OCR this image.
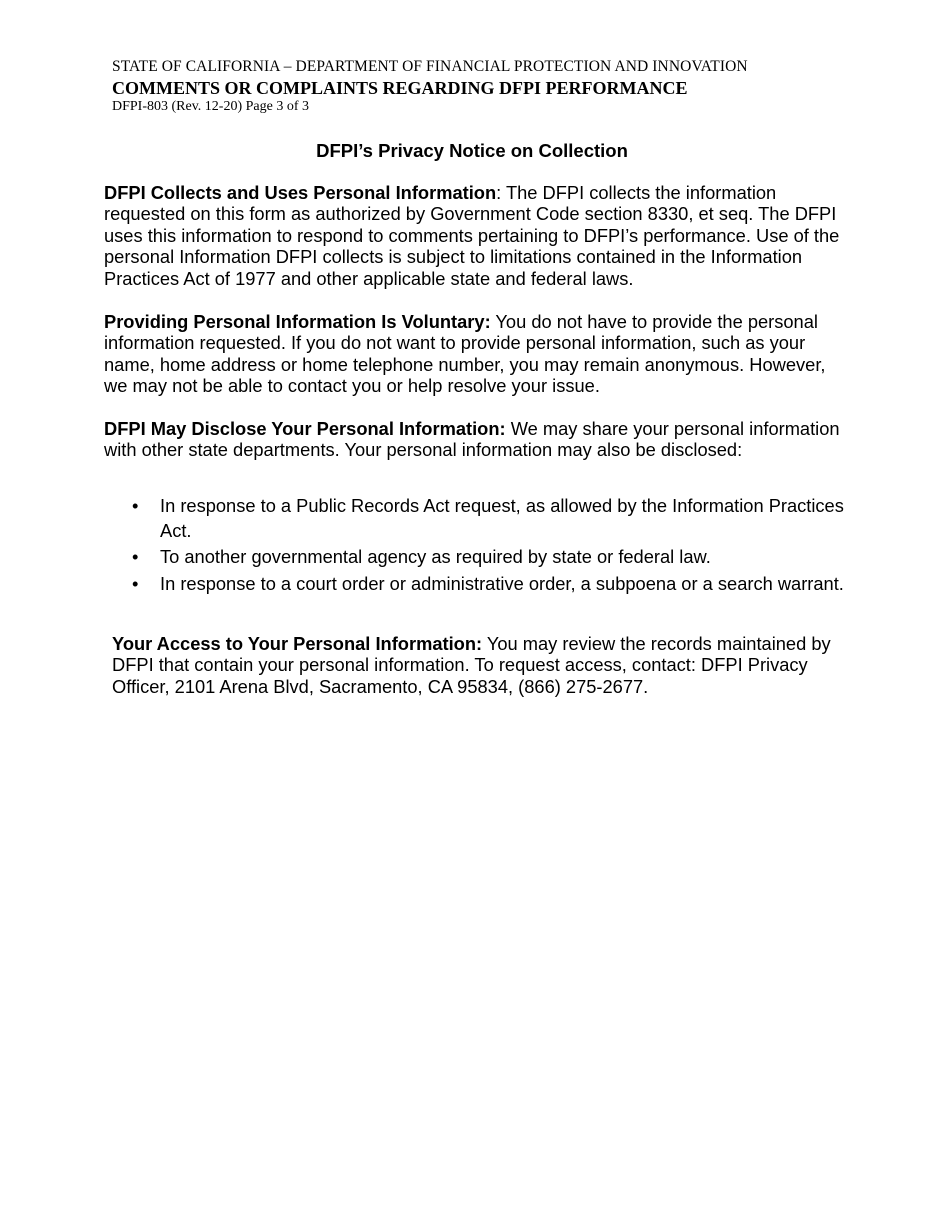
STATE OF CALIFORNIA – DEPARTMENT OF FINANCIAL PROTECTION AND INNOVATION
COMMENTS OR COMPLAINTS REGARDING DFPI PERFORMANCE
DFPI-803 (Rev. 12-20) Page 3 of 3
DFPI’s Privacy Notice on Collection
DFPI Collects and Uses Personal Information: The DFPI collects the information requested on this form as authorized by Government Code section 8330, et seq. The DFPI uses this information to respond to comments pertaining to DFPI’s performance. Use of the personal Information DFPI collects is subject to limitations contained in the Information Practices Act of 1977 and other applicable state and federal laws.
Providing Personal Information Is Voluntary: You do not have to provide the personal information requested. If you do not want to provide personal information, such as your name, home address or home telephone number, you may remain anonymous. However, we may not be able to contact you or help resolve your issue.
DFPI May Disclose Your Personal Information: We may share your personal information with other state departments. Your personal information may also be disclosed:
• In response to a Public Records Act request, as allowed by the Information Practices Act.
• To another governmental agency as required by state or federal law.
• In response to a court order or administrative order, a subpoena or a search warrant.
Your Access to Your Personal Information: You may review the records maintained by DFPI that contain your personal information. To request access, contact: DFPI Privacy Officer, 2101 Arena Blvd, Sacramento, CA 95834, (866) 275-2677.
